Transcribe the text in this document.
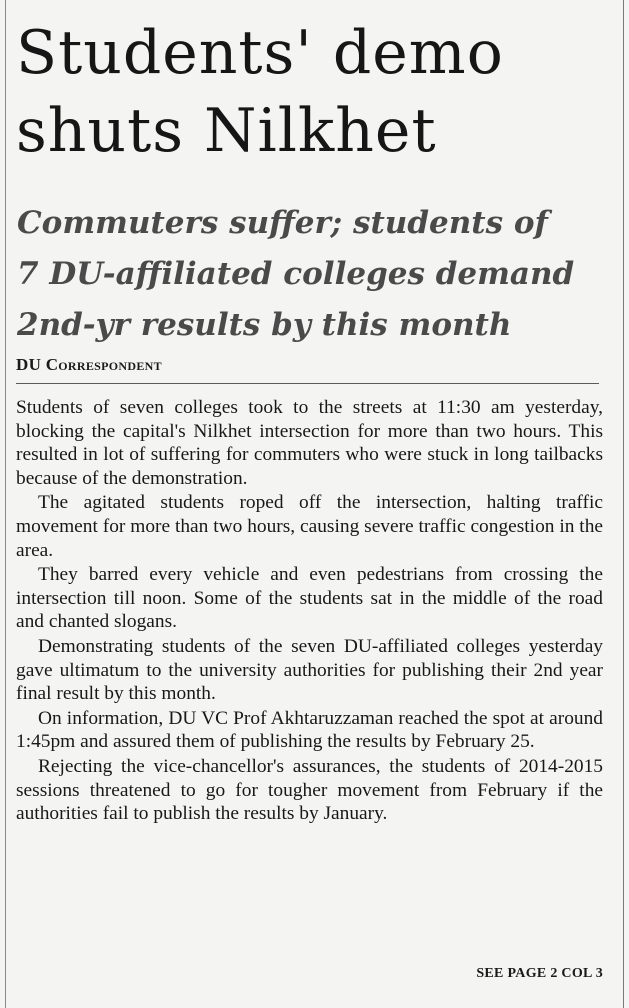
Students' demo
shuts Nilkhet
Commuters suffer; students of
7 DU-affiliated colleges demand
2nd-yr results by this month
DU Correspondent

Students of seven colleges took to the streets at 11:30 am yesterday, blocking the capital's Nilkhet intersection for more than two hours. This resulted in lot of suffering for commuters who were stuck in long tailbacks because of the demonstration.

The agitated students roped off the intersection, halting traffic movement for more than two hours, causing severe traffic congestion in the area.

They barred every vehicle and even pedestrians from crossing the intersection till noon. Some of the students sat in the middle of the road and chanted slogans.

Demonstrating students of the seven DU-affiliated colleges yesterday gave ultimatum to the university authorities for publishing their 2nd year final result by this month.

On information, DU VC Prof Akhtaruzzaman reached the spot at around 1:45pm and assured them of publishing the results by February 25.

Rejecting the vice-chancellor's assurances, the students of 2014-2015 sessions threatened to go for tougher movement from February if the authorities fail to publish the results by January.

SEE PAGE 2 COL 3
